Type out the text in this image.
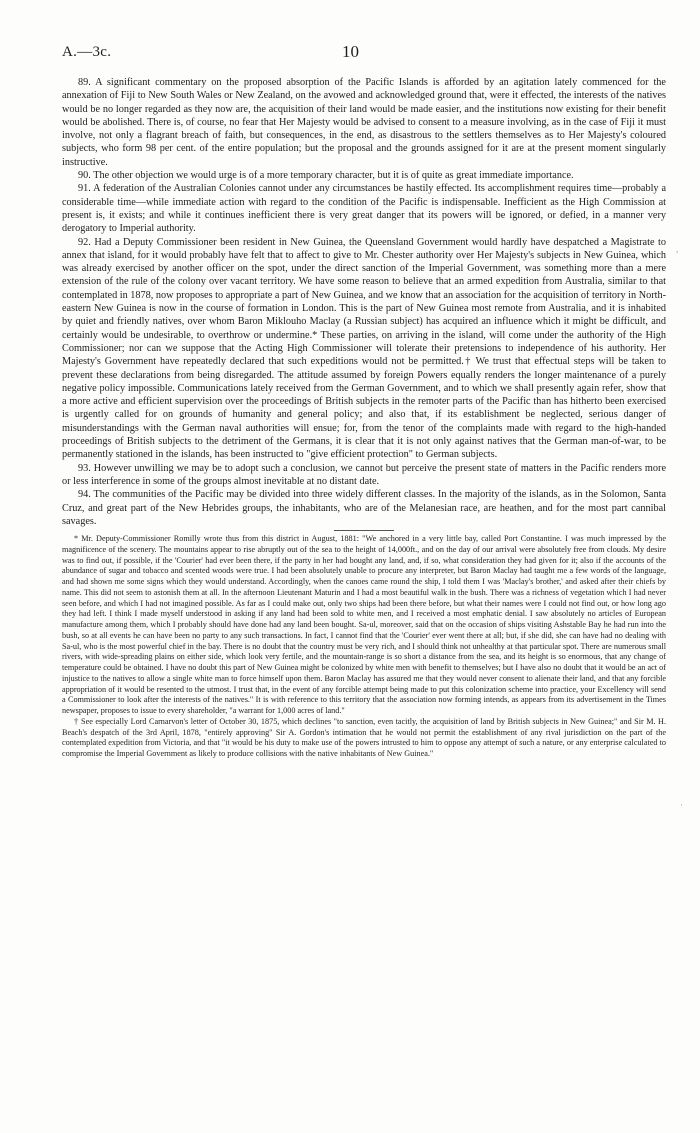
A.—3c.	10

89. A significant commentary on the proposed absorption of the Pacific Islands is afforded by an agitation lately commenced for the annexation of Fiji to New South Wales or New Zealand, on the avowed and acknowledged ground that, were it effected, the interests of the natives would be no longer regarded as they now are, the acquisition of their land would be made easier, and the institutions now existing for their benefit would be abolished. There is, of course, no fear that Her Majesty would be advised to consent to a measure involving, as in the case of Fiji it must involve, not only a flagrant breach of faith, but consequences, in the end, as disastrous to the settlers themselves as to Her Majesty's coloured subjects, who form 98 per cent. of the entire population; but the proposal and the grounds assigned for it are at the present moment singularly instructive.

90. The other objection we would urge is of a more temporary character, but it is of quite as great immediate importance.

91. A federation of the Australian Colonies cannot under any circumstances be hastily effected. Its accomplishment requires time—probably a considerable time—while immediate action with regard to the condition of the Pacific is indispensable. Inefficient as the High Commission at present is, it exists; and while it continues inefficient there is very great danger that its powers will be ignored, or defied, in a manner very derogatory to Imperial authority.

92. Had a Deputy Commissioner been resident in New Guinea, the Queensland Government would hardly have despatched a Magistrate to annex that island, for it would probably have felt that to affect to give to Mr. Chester authority over Her Majesty's subjects in New Guinea, which was already exercised by another officer on the spot, under the direct sanction of the Imperial Government, was something more than a mere extension of the rule of the colony over vacant territory. We have some reason to believe that an armed expedition from Australia, similar to that contemplated in 1878, now proposes to appropriate a part of New Guinea, and we know that an association for the acquisition of territory in North-eastern New Guinea is now in the course of formation in London. This is the part of New Guinea most remote from Australia, and it is inhabited by quiet and friendly natives, over whom Baron Miklouho Maclay (a Russian subject) has acquired an influence which it might be difficult, and certainly would be undesirable, to overthrow or undermine.* These parties, on arriving in the island, will come under the authority of the High Commissioner; nor can we suppose that the Acting High Commissioner will tolerate their pretensions to independence of his authority. Her Majesty's Government have repeatedly declared that such expeditions would not be permitted.† We trust that effectual steps will be taken to prevent these declarations from being disregarded. The attitude assumed by foreign Powers equally renders the longer maintenance of a purely negative policy impossible. Communications lately received from the German Government, and to which we shall presently again refer, show that a more active and efficient supervision over the proceedings of British subjects in the remoter parts of the Pacific than has hitherto been exercised is urgently called for on grounds of humanity and general policy; and also that, if its establishment be neglected, serious danger of misunderstandings with the German naval authorities will ensue; for, from the tenor of the complaints made with regard to the high-handed proceedings of British subjects to the detriment of the Germans, it is clear that it is not only against natives that the German man-of-war, to be permanently stationed in the islands, has been instructed to "give efficient protection" to German subjects.

93. However unwilling we may be to adopt such a conclusion, we cannot but perceive the present state of matters in the Pacific renders more or less interference in some of the groups almost inevitable at no distant date.

94. The communities of the Pacific may be divided into three widely different classes. In the majority of the islands, as in the Solomon, Santa Cruz, and great part of the New Hebrides groups, the inhabitants, who are of the Melanesian race, are heathen, and for the most part cannibal savages.

* Mr. Deputy-Commissioner Romilly wrote thus from this district in August, 1881: "We anchored in a very little bay, called Port Constantine. I was much impressed by the magnificence of the scenery. The mountains appear to rise abruptly out of the sea to the height of 14,000ft., and on the day of our arrival were absolutely free from clouds. My desire was to find out, if possible, if the 'Courier' had ever been there, if the party in her had bought any land, and, if so, what consideration they had given for it; also if the accounts of the abundance of sugar and tobacco and scented woods were true. I had been absolutely unable to procure any interpreter, but Baron Maclay had taught me a few words of the language, and had shown me some signs which they would understand. Accordingly, when the canoes came round the ship, I told them I was 'Maclay's brother,' and asked after their chiefs by name. This did not seem to astonish them at all. In the afternoon Lieutenant Maturin and I had a most beautiful walk in the bush. There was a richness of vegetation which I had never seen before, and which I had not imagined possible. As far as I could make out, only two ships had been there before, but what their names were I could not find out, or how long ago they had left. I think I made myself understood in asking if any land had been sold to white men, and I received a most emphatic denial. I saw absolutely no articles of European manufacture among them, which I probably should have done had any land been bought. Sa-ul, moreover, said that on the occasion of ships visiting Ashstable Bay he had run into the bush, so at all events he can have been no party to any such transactions. In fact, I cannot find that the 'Courier' ever went there at all; but, if she did, she can have had no dealing with Sa-ul, who is the most powerful chief in the bay. There is no doubt that the country must be very rich, and I should think not unhealthy at that particular spot. There are numerous small rivers, with wide-spreading plains on either side, which look very fertile, and the mountain-range is so short a distance from the sea, and its height is so enormous, that any change of temperature could be obtained. I have no doubt this part of New Guinea might be colonized by white men with benefit to themselves; but I have also no doubt that it would be an act of injustice to the natives to allow a single white man to force himself upon them. Baron Maclay has assured me that they would never consent to alienate their land, and that any forcible appropriation of it would be resented to the utmost. I trust that, in the event of any forcible attempt being made to put this colonization scheme into practice, your Excellency will send a Commissioner to look after the interests of the natives." It is with reference to this territory that the association now forming intends, as appears from its advertisement in the Times newspaper, proposes to issue to every shareholder, "a warrant for 1,000 acres of land."

† See especially Lord Carnarvon's letter of October 30, 1875, which declines "to sanction, even tacitly, the acquisition of land by British subjects in New Guinea;" and Sir M. H. Beach's despatch of the 3rd April, 1878, "entirely approving" Sir A. Gordon's intimation that he would not permit the establishment of any rival jurisdiction on the part of the contemplated expedition from Victoria, and that "it would be his duty to make use of the powers intrusted to him to oppose any attempt of such a nature, or any enterprise calculated to compromise the Imperial Government as likely to produce collisions with the native inhabitants of New Guinea."

,
·
